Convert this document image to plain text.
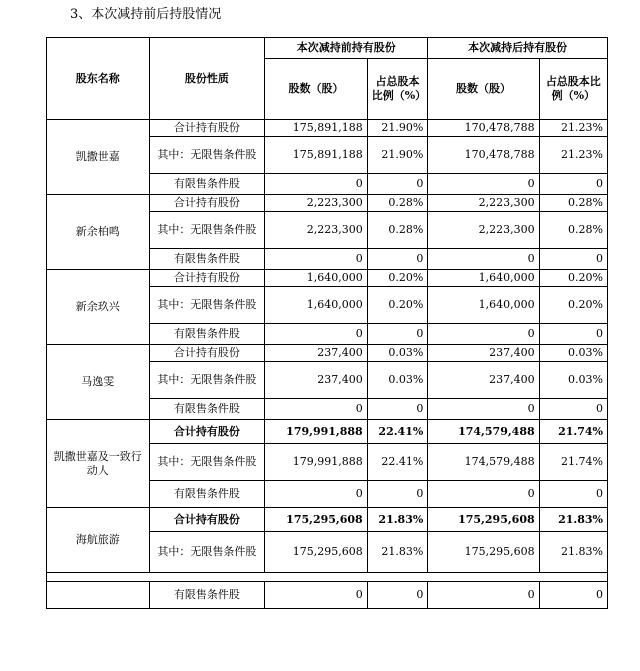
3、本次减持前后持股情况
股东名称	股份性质	本次减持前持有股份		本次减持后持有股份	
		股数（股）	占总股本比例（%）	股数（股）	占总股本比例（%）
凯撒世嘉	合计持有股份	175,891,188	21.90%	170,478,788	21.23%
	其中：无限售条件股	175,891,188	21.90%	170,478,788	21.23%
	有限售条件股	0	0	0	0
新余柏鸣	合计持有股份	2,223,300	0.28%	2,223,300	0.28%
	其中：无限售条件股	2,223,300	0.28%	2,223,300	0.28%
	有限售条件股	0	0	0	0
新余玖兴	合计持有股份	1,640,000	0.20%	1,640,000	0.20%
	其中：无限售条件股	1,640,000	0.20%	1,640,000	0.20%
	有限售条件股	0	0	0	0
马逸雯	合计持有股份	237,400	0.03%	237,400	0.03%
	其中：无限售条件股	237,400	0.03%	237,400	0.03%
	有限售条件股	0	0	0	0
凯撒世嘉及一致行动人	合计持有股份	179,991,888	22.41%	174,579,488	21.74%
	其中：无限售条件股	179,991,888	22.41%	174,579,488	21.74%
	有限售条件股	0	0	0	0
海航旅游	合计持有股份	175,295,608	21.83%	175,295,608	21.83%
	其中：无限售条件股	175,295,608	21.83%	175,295,608	21.83%

	有限售条件股	0	0	0	0
